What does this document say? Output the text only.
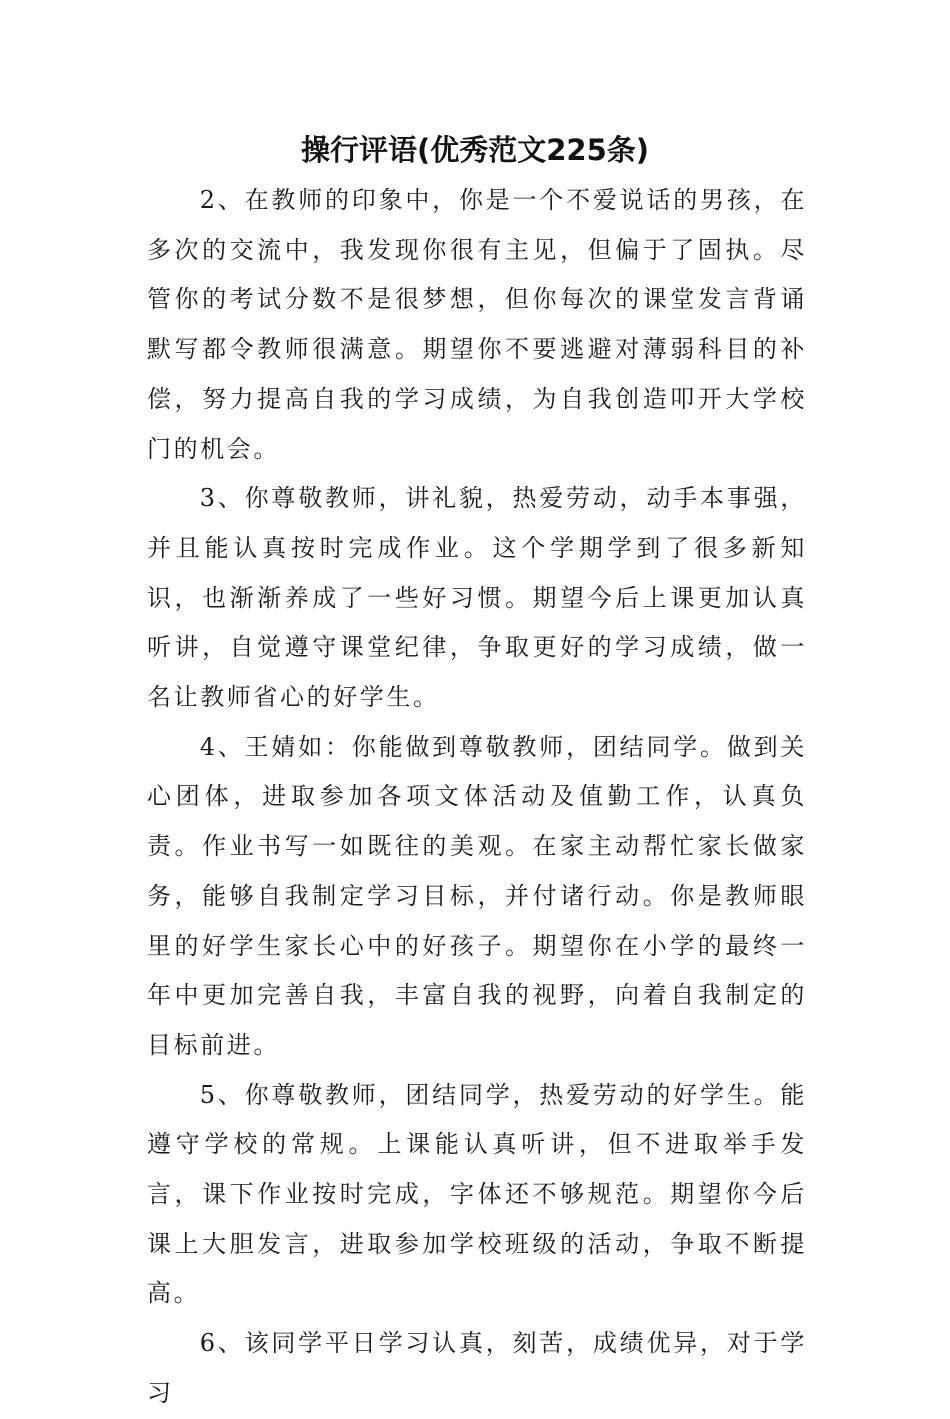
操行评语(优秀范文225条)

2、在教师的印象中，你是一个不爱说话的男孩，在多次的交流中，我发现你很有主见，但偏于了固执。尽管你的考试分数不是很梦想，但你每次的课堂发言背诵默写都令教师很满意。期望你不要逃避对薄弱科目的补偿，努力提高自我的学习成绩，为自我创造叩开大学校门的机会。

3、你尊敬教师，讲礼貌，热爱劳动，动手本事强，并且能认真按时完成作业。这个学期学到了很多新知识，也渐渐养成了一些好习惯。期望今后上课更加认真听讲，自觉遵守课堂纪律，争取更好的学习成绩，做一名让教师省心的好学生。

4、王婧如：你能做到尊敬教师，团结同学。做到关心团体，进取参加各项文体活动及值勤工作，认真负责。作业书写一如既往的美观。在家主动帮忙家长做家务，能够自我制定学习目标，并付诸行动。你是教师眼里的好学生家长心中的好孩子。期望你在小学的最终一年中更加完善自我，丰富自我的视野，向着自我制定的目标前进。

5、你尊敬教师，团结同学，热爱劳动的好学生。能遵守学校的常规。上课能认真听讲，但不进取举手发言，课下作业按时完成，字体还不够规范。期望你今后课上大胆发言，进取参加学校班级的活动，争取不断提高。

6、该同学平日学习认真，刻苦，成绩优异，对于学习
